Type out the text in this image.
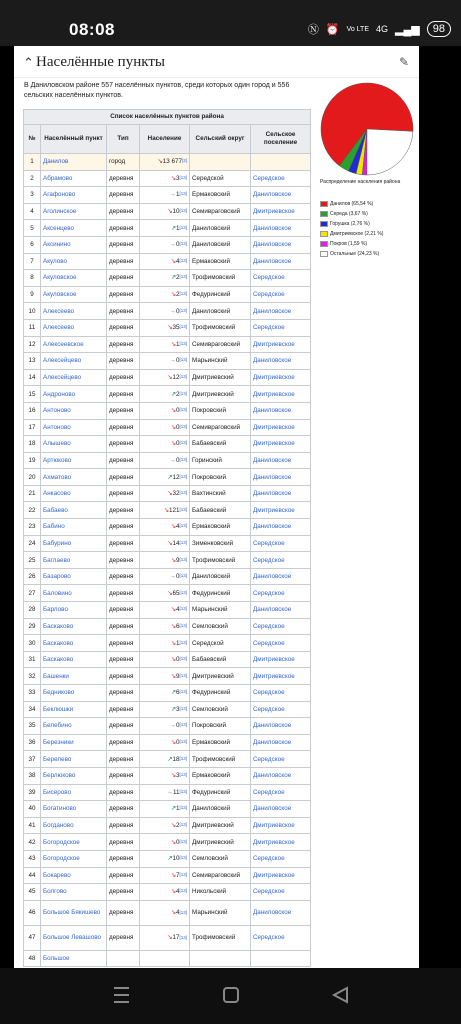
08:08	Ⓝ ⏰ Vo LTE 4G ▂▄▆	98
⌃ Населённые пункты	✎
В Даниловском районе 557 населённых пунктов, среди которых один город и 556 сельских населённых пунктов.
Список населённых пунктов района					
№	Населённый пункт	Тип	Население	Сельский округ	Сельское поселение
1	Данилов	город	↘13 677[2]		
2	Абрамово	деревня	↘3[13]	Середской	Середское
3	Агафоново	деревня	→1[13]	Ермаковский	Даниловское
4	Аголинское	деревня	↘10[13]	Семивраговский	Дмитриевское
5	Аксенцево	деревня	↗1[13]	Даниловский	Даниловское
6	Аксинино	деревня	→0[13]	Даниловский	Даниловское
7	Акулово	деревня	↘4[13]	Ермаковский	Даниловское
8	Акуловское	деревня	↗2[13]	Трофимовский	Середское
9	Акуловское	деревня	↘2[13]	Федуринский	Середское
10	Алексеево	деревня	→0[13]	Даниловский	Даниловское
11	Алексеево	деревня	↘35[13]	Трофимовский	Середское
12	Алексеевское	деревня	↘1[13]	Семивраговский	Дмитриевское
13	Алексейцево	деревня	→0[13]	Марьинский	Даниловское
14	Алексейцево	деревня	↘12[13]	Дмитриевский	Дмитриевское
15	Андроново	деревня	↗2[13]	Дмитриевский	Дмитриевское
16	Антоново	деревня	↘0[13]	Покровский	Даниловское
17	Антоново	деревня	↘0[13]	Семивраговский	Дмитриевское
18	Алышево	деревня	↘0[13]	Бабаевский	Дмитриевское
19	Артюково	деревня	→0[13]	Горинский	Даниловское
20	Ахматово	деревня	↗12[13]	Покровский	Даниловское
21	Анкасово	деревня	↘32[13]	Вахтинский	Даниловское
22	Бабаево	деревня	↘121[13]	Бабаевский	Дмитриевское
23	Бабино	деревня	↘4[13]	Ермаковский	Даниловское
24	Бабурино	деревня	↘14[13]	Зименковский	Середское
25	Баглаево	деревня	↘9[13]	Трофимовский	Середское
26	Базарово	деревня	→0[13]	Даниловский	Даниловское
27	Баловино	деревня	↘65[13]	Федуринский	Середское
28	Барлово	деревня	↘4[13]	Марьинский	Даниловское
29	Баскаково	деревня	↘6[13]	Семловский	Середское
30	Баскаково	деревня	↘1[13]	Середской	Середское
31	Баскаково	деревня	↘0[13]	Бабаевский	Дмитриевское
32	Башенки	деревня	↘9[13]	Дмитриевский	Дмитриевское
33	Бедниково	деревня	↗6[13]	Федуринский	Середское
34	Беклюшки	деревня	↗3[13]	Семловский	Середское
35	Белебино	деревня	→0[13]	Покровский	Даниловское
36	Березники	деревня	↘0[13]	Ермаковский	Даниловское
37	Берелево	деревня	↗18[13]	Трофимовский	Середское
38	Берлюково	деревня	↘3[13]	Ермаковский	Даниловское
39	Бисерово	деревня	→11[13]	Федуринский	Середское
40	Богатиново	деревня	↗1[13]	Даниловский	Даниловское
41	Богданово	деревня	↘2[13]	Дмитриевский	Дмитриевское
42	Богородское	деревня	↘0[13]	Дмитриевский	Дмитриевское
43	Богородское	деревня	↗10[13]	Семловский	Середское
44	Бокарево	деревня	↘7[13]	Семивраговский	Дмитриевское
45	Болгово	деревня	↘4[13]	Никольский	Середское
46	Большое Бякишево	деревня	↘4[13]	Марьинский	Даниловское
47	Большое Левашово	деревня	↘17[13]	Трофимовский	Середское
48	Большое				
Распределение населения района
Данилов (65,54 %)
Середа (3,67 %)
Горушка (2,76 %)
Дмитриевское (2,21 %)
Покров (1,59 %)
Остальные (24,23 %)
